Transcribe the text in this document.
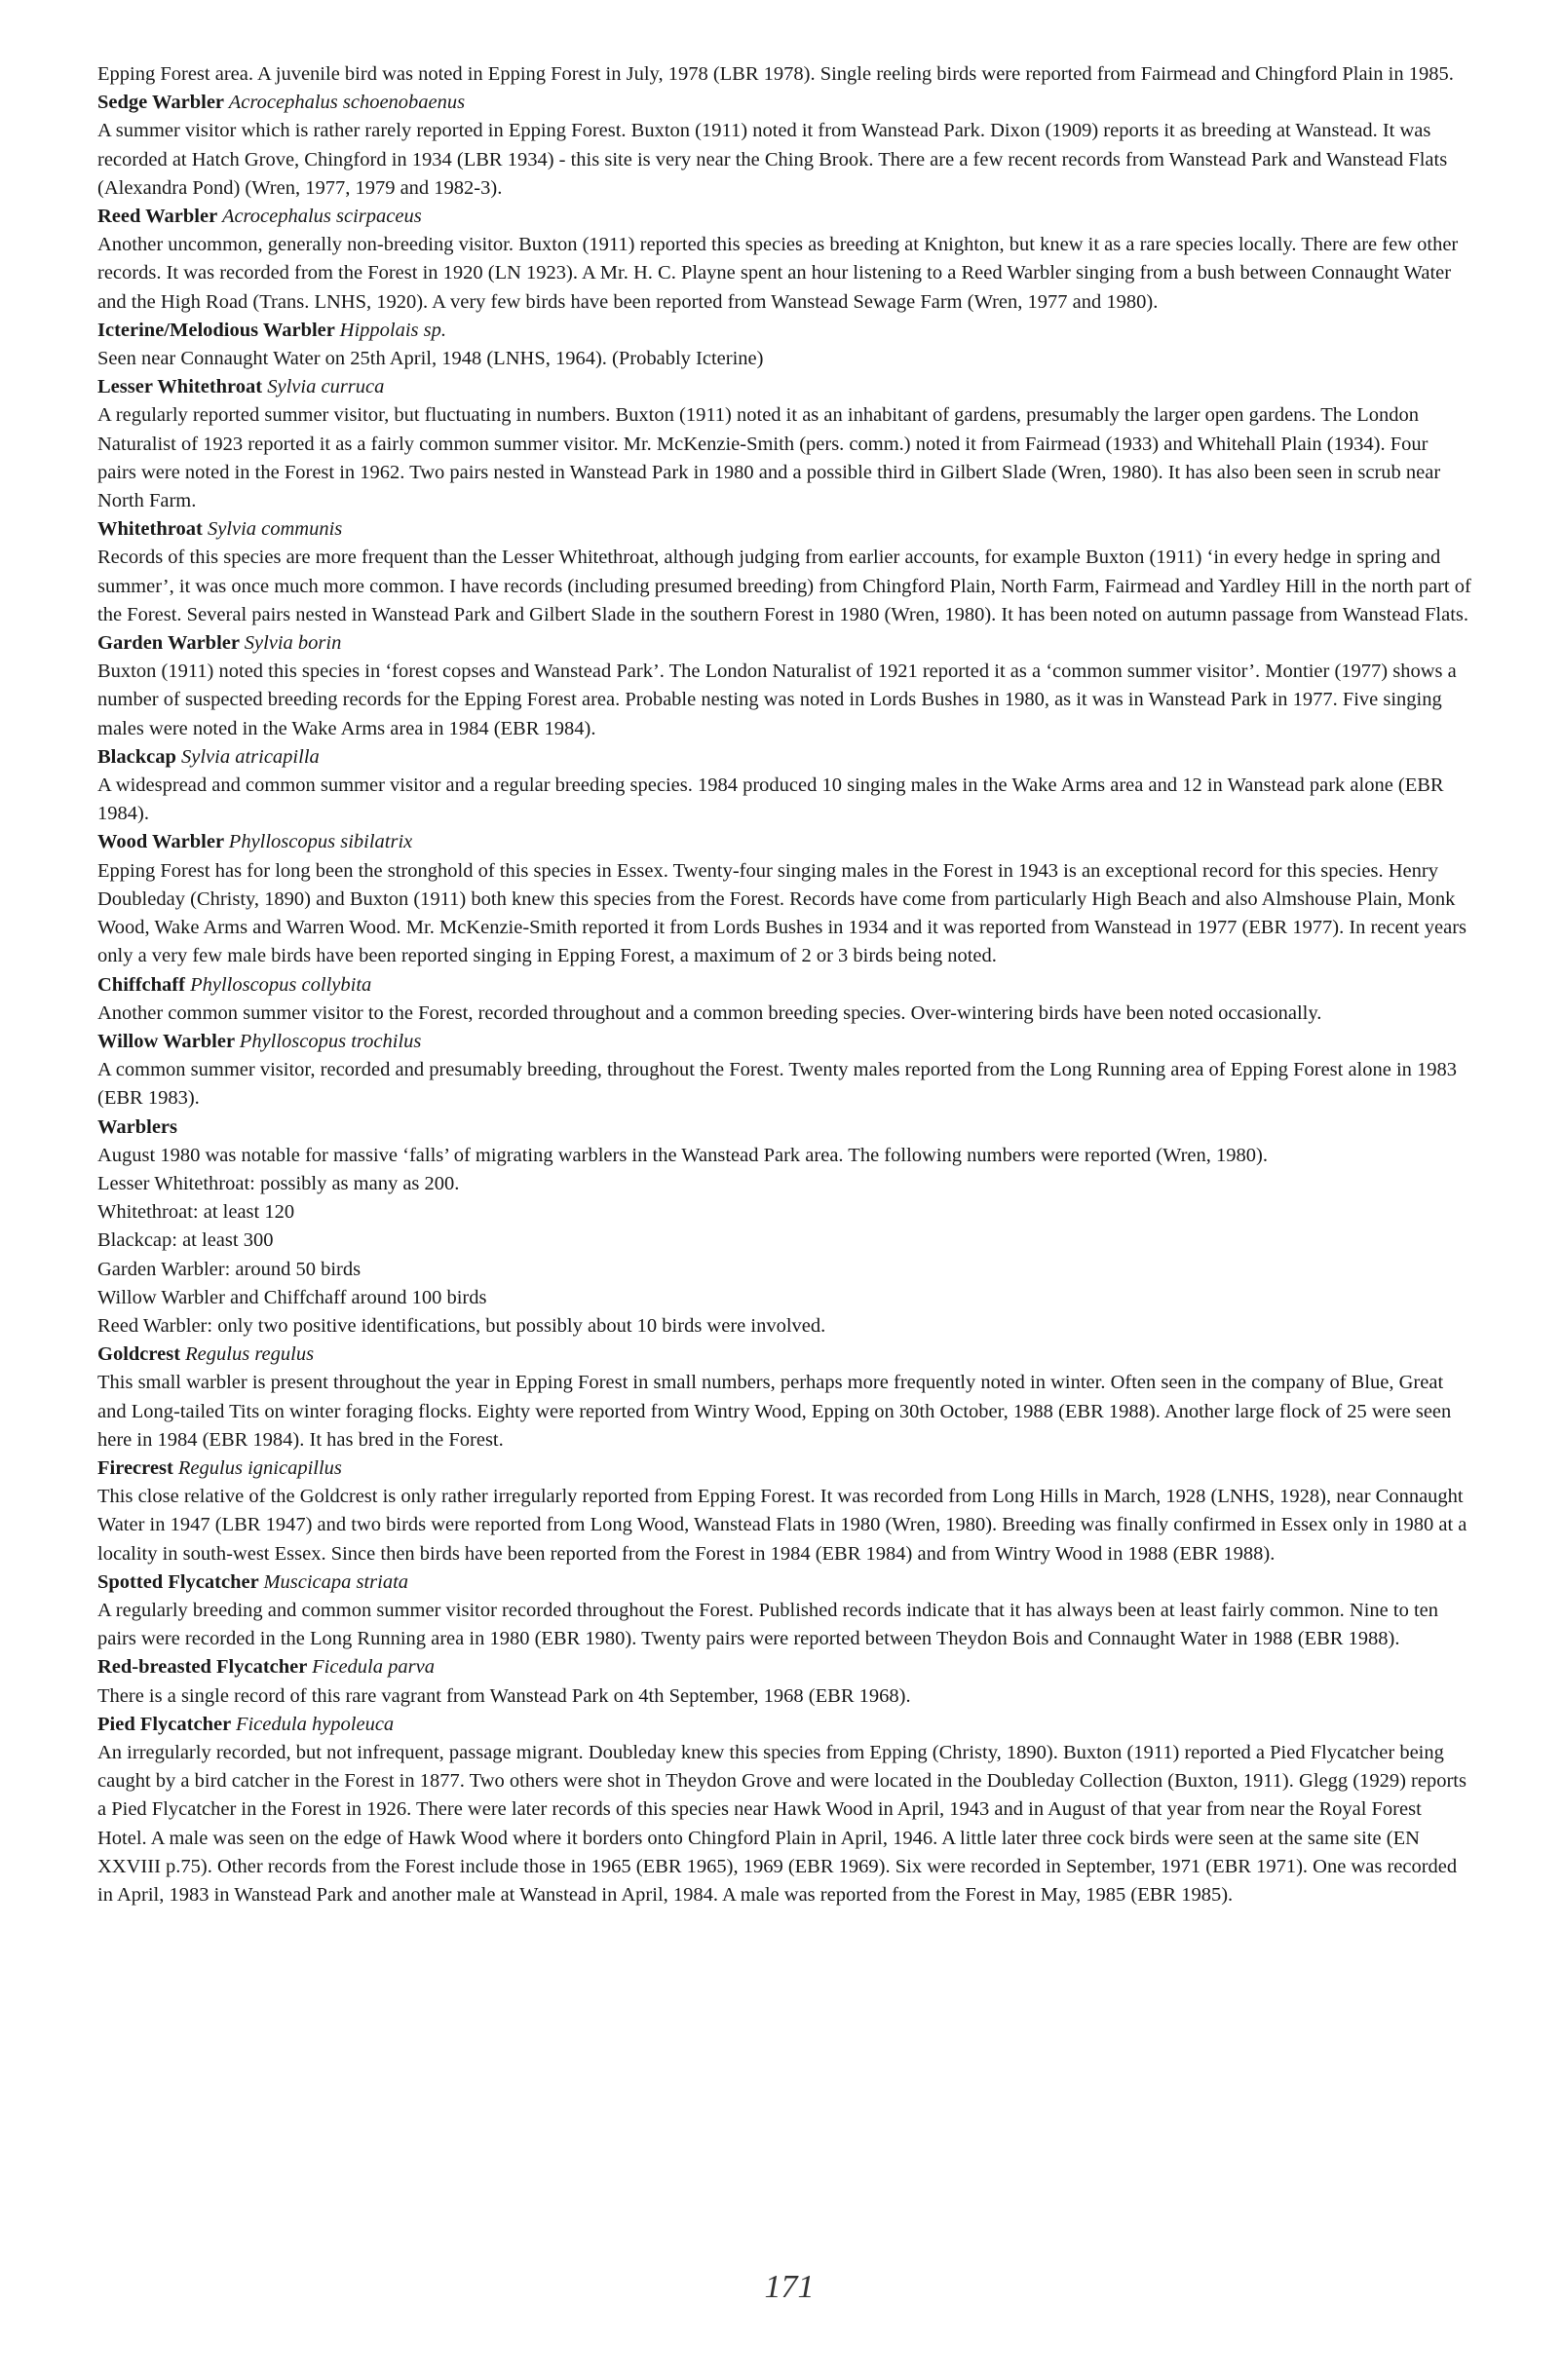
Epping Forest area. A juvenile bird was noted in Epping Forest in July, 1978 (LBR 1978). Single reeling birds were reported from Fairmead and Chingford Plain in 1985.

Sedge Warbler Acrocephalus schoenobaenus

A summer visitor which is rather rarely reported in Epping Forest. Buxton (1911) noted it from Wanstead Park. Dixon (1909) reports it as breeding at Wanstead. It was recorded at Hatch Grove, Chingford in 1934 (LBR 1934) - this site is very near the Ching Brook. There are a few recent records from Wanstead Park and Wanstead Flats (Alexandra Pond) (Wren, 1977, 1979 and 1982-3).

Reed Warbler Acrocephalus scirpaceus

Another uncommon, generally non-breeding visitor. Buxton (1911) reported this species as breeding at Knighton, but knew it as a rare species locally. There are few other records. It was recorded from the Forest in 1920 (LN 1923). A Mr. H. C. Playne spent an hour listening to a Reed Warbler singing from a bush between Connaught Water and the High Road (Trans. LNHS, 1920). A very few birds have been reported from Wanstead Sewage Farm (Wren, 1977 and 1980).

Icterine/Melodious Warbler Hippolais sp.

Seen near Connaught Water on 25th April, 1948 (LNHS, 1964). (Probably Icterine)

Lesser Whitethroat Sylvia curruca

A regularly reported summer visitor, but fluctuating in numbers. Buxton (1911) noted it as an inhabitant of gardens, presumably the larger open gardens. The London Naturalist of 1923 reported it as a fairly common summer visitor. Mr. McKenzie-Smith (pers. comm.) noted it from Fairmead (1933) and Whitehall Plain (1934). Four pairs were noted in the Forest in 1962. Two pairs nested in Wanstead Park in 1980 and a possible third in Gilbert Slade (Wren, 1980). It has also been seen in scrub near North Farm.

Whitethroat Sylvia communis

Records of this species are more frequent than the Lesser Whitethroat, although judging from earlier accounts, for example Buxton (1911) ‘in every hedge in spring and summer’, it was once much more common. I have records (including presumed breeding) from Chingford Plain, North Farm, Fairmead and Yardley Hill in the north part of the Forest. Several pairs nested in Wanstead Park and Gilbert Slade in the southern Forest in 1980 (Wren, 1980). It has been noted on autumn passage from Wanstead Flats.

Garden Warbler Sylvia borin

Buxton (1911) noted this species in ‘forest copses and Wanstead Park’. The London Naturalist of 1921 reported it as a ‘common summer visitor’. Montier (1977) shows a number of suspected breeding records for the Epping Forest area. Probable nesting was noted in Lords Bushes in 1980, as it was in Wanstead Park in 1977. Five singing males were noted in the Wake Arms area in 1984 (EBR 1984).

Blackcap Sylvia atricapilla

A widespread and common summer visitor and a regular breeding species. 1984 produced 10 singing males in the Wake Arms area and 12 in Wanstead park alone (EBR 1984).

Wood Warbler Phylloscopus sibilatrix

Epping Forest has for long been the stronghold of this species in Essex. Twenty-four singing males in the Forest in 1943 is an exceptional record for this species. Henry Doubleday (Christy, 1890) and Buxton (1911) both knew this species from the Forest. Records have come from particularly High Beach and also Almshouse Plain, Monk Wood, Wake Arms and Warren Wood. Mr. McKenzie-Smith reported it from Lords Bushes in 1934 and it was reported from Wanstead in 1977 (EBR 1977). In recent years only a very few male birds have been reported singing in Epping Forest, a maximum of 2 or 3 birds being noted.

Chiffchaff Phylloscopus collybita

Another common summer visitor to the Forest, recorded throughout and a common breeding species. Over-wintering birds have been noted occasionally.

Willow Warbler Phylloscopus trochilus

A common summer visitor, recorded and presumably breeding, throughout the Forest. Twenty males reported from the Long Running area of Epping Forest alone in 1983 (EBR 1983).

Warblers

August 1980 was notable for massive ‘falls’ of migrating warblers in the Wanstead Park area. The following numbers were reported (Wren, 1980).

Lesser Whitethroat: possibly as many as 200.

Whitethroat: at least 120

Blackcap: at least 300

Garden Warbler: around 50 birds

Willow Warbler and Chiffchaff around 100 birds

Reed Warbler: only two positive identifications, but possibly about 10 birds were involved.

Goldcrest Regulus regulus

This small warbler is present throughout the year in Epping Forest in small numbers, perhaps more frequently noted in winter. Often seen in the company of Blue, Great and Long-tailed Tits on winter foraging flocks. Eighty were reported from Wintry Wood, Epping on 30th October, 1988 (EBR 1988). Another large flock of 25 were seen here in 1984 (EBR 1984). It has bred in the Forest.

Firecrest Regulus ignicapillus

This close relative of the Goldcrest is only rather irregularly reported from Epping Forest. It was recorded from Long Hills in March, 1928 (LNHS, 1928), near Connaught Water in 1947 (LBR 1947) and two birds were reported from Long Wood, Wanstead Flats in 1980 (Wren, 1980). Breeding was finally confirmed in Essex only in 1980 at a locality in south-west Essex. Since then birds have been reported from the Forest in 1984 (EBR 1984) and from Wintry Wood in 1988 (EBR 1988).

Spotted Flycatcher Muscicapa striata

A regularly breeding and common summer visitor recorded throughout the Forest. Published records indicate that it has always been at least fairly common. Nine to ten pairs were recorded in the Long Running area in 1980 (EBR 1980). Twenty pairs were reported between Theydon Bois and Connaught Water in 1988 (EBR 1988).

Red-breasted Flycatcher Ficedula parva

There is a single record of this rare vagrant from Wanstead Park on 4th September, 1968 (EBR 1968).

Pied Flycatcher Ficedula hypoleuca

An irregularly recorded, but not infrequent, passage migrant. Doubleday knew this species from Epping (Christy, 1890). Buxton (1911) reported a Pied Flycatcher being caught by a bird catcher in the Forest in 1877. Two others were shot in Theydon Grove and were located in the Doubleday Collection (Buxton, 1911). Glegg (1929) reports a Pied Flycatcher in the Forest in 1926. There were later records of this species near Hawk Wood in April, 1943 and in August of that year from near the Royal Forest Hotel. A male was seen on the edge of Hawk Wood where it borders onto Chingford Plain in April, 1946. A little later three cock birds were seen at the same site (EN XXVIII p.75). Other records from the Forest include those in 1965 (EBR 1965), 1969 (EBR 1969). Six were recorded in September, 1971 (EBR 1971). One was recorded in April, 1983 in Wanstead Park and another male at Wanstead in April, 1984. A male was reported from the Forest in May, 1985 (EBR 1985).

171
